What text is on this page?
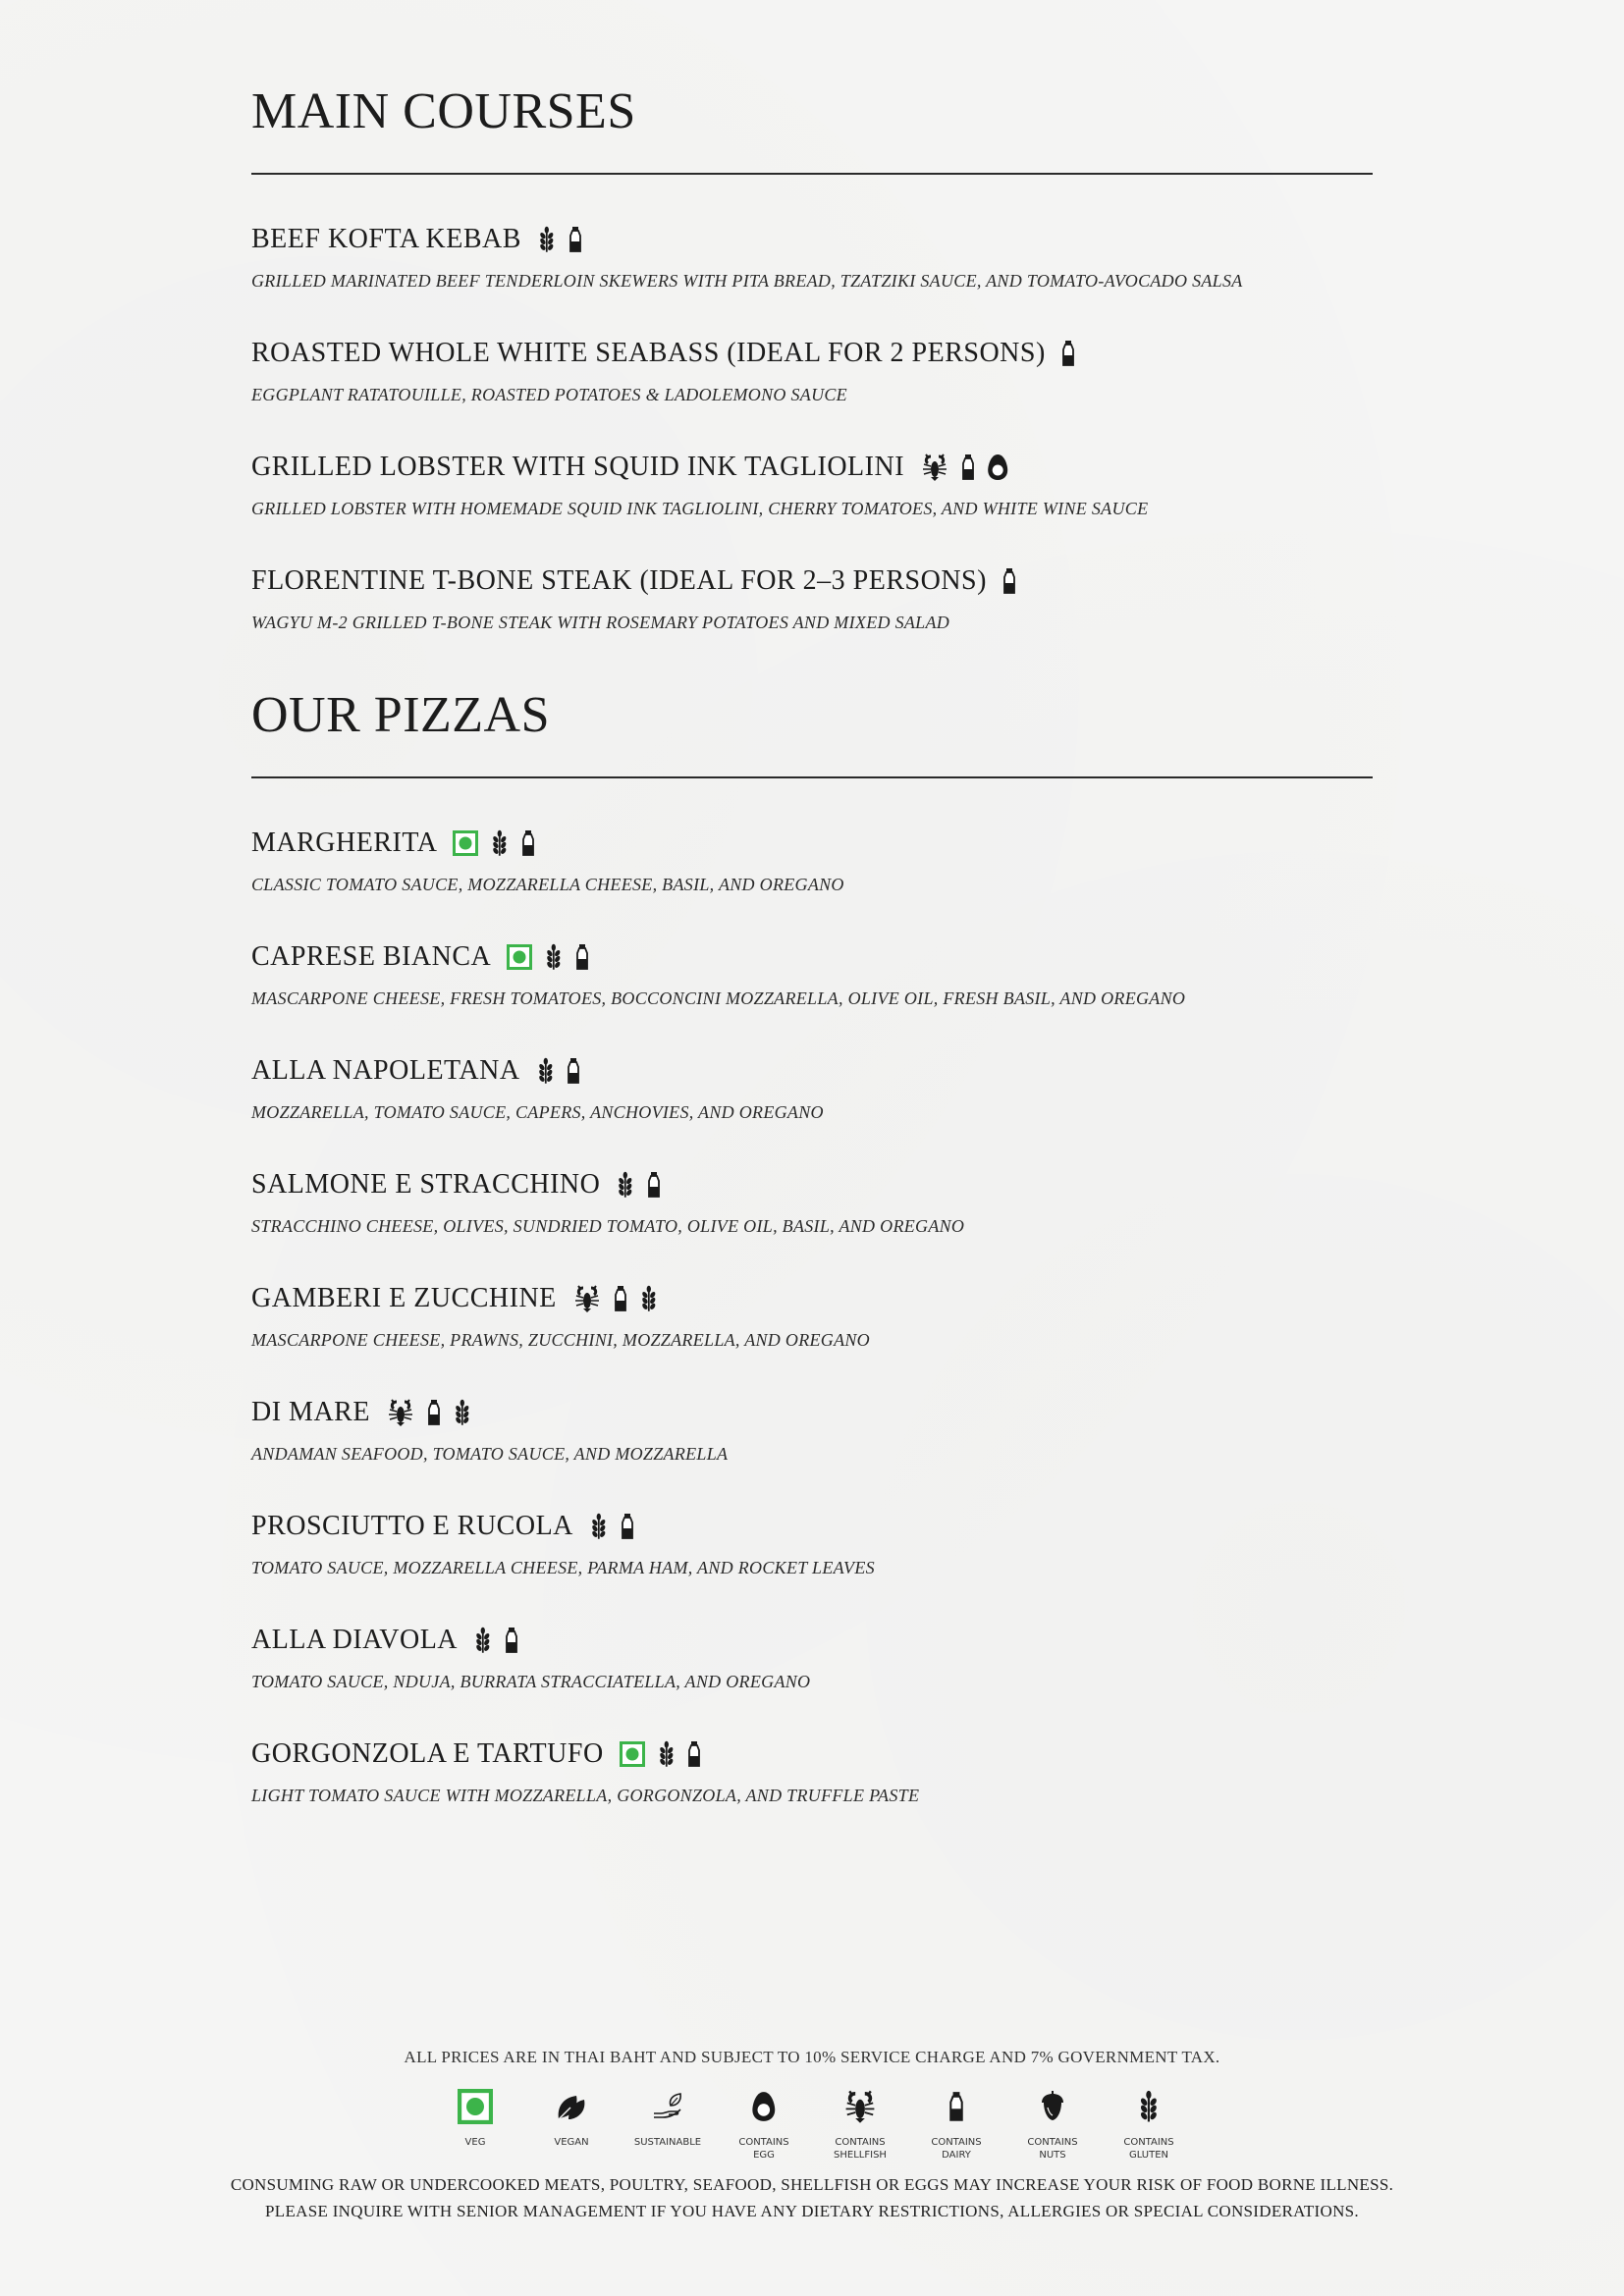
MAIN COURSES
BEEF KOFTA KEBAB
GRILLED MARINATED BEEF TENDERLOIN SKEWERS WITH PITA BREAD, TZATZIKI SAUCE, AND TOMATO-AVOCADO SALSA
ROASTED WHOLE WHITE SEABASS (IDEAL FOR 2 PERSONS)
EGGPLANT RATATOUILLE, ROASTED POTATOES & LADOLEMONO SAUCE
GRILLED LOBSTER WITH SQUID INK TAGLIOLINI
GRILLED LOBSTER WITH HOMEMADE SQUID INK TAGLIOLINI, CHERRY TOMATOES, AND WHITE WINE SAUCE
FLORENTINE T-BONE STEAK (IDEAL FOR 2–3 PERSONS)
WAGYU M-2 GRILLED T-BONE STEAK WITH ROSEMARY POTATOES AND MIXED SALAD
OUR PIZZAS
MARGHERITA
CLASSIC TOMATO SAUCE, MOZZARELLA CHEESE, BASIL, AND OREGANO
CAPRESE BIANCA
MASCARPONE CHEESE, FRESH TOMATOES, BOCCONCINI MOZZARELLA, OLIVE OIL, FRESH BASIL, AND OREGANO
ALLA NAPOLETANA
MOZZARELLA, TOMATO SAUCE, CAPERS, ANCHOVIES, AND OREGANO
SALMONE E STRACCHINO
STRACCHINO CHEESE, OLIVES, SUNDRIED TOMATO, OLIVE OIL, BASIL, AND OREGANO
GAMBERI E ZUCCHINE
MASCARPONE CHEESE, PRAWNS, ZUCCHINI, MOZZARELLA, AND OREGANO
DI MARE
ANDAMAN SEAFOOD, TOMATO SAUCE, AND MOZZARELLA
PROSCIUTTO E RUCOLA
TOMATO SAUCE, MOZZARELLA CHEESE, PARMA HAM, AND ROCKET LEAVES
ALLA DIAVOLA
TOMATO SAUCE, NDUJA, BURRATA STRACCIATELLA, AND OREGANO
GORGONZOLA E TARTUFO
LIGHT TOMATO SAUCE WITH MOZZARELLA, GORGONZOLA, AND TRUFFLE PASTE
ALL PRICES ARE IN THAI BAHT AND SUBJECT TO 10% SERVICE CHARGE AND 7% GOVERNMENT TAX.
VEG	VEGAN	SUSTAINABLE	CONTAINS
EGG
CONTAINS
SHELLFISH
CONTAINS
DAIRY
CONTAINS
NUTS
CONTAINS
GLUTEN
CONSUMING RAW OR UNDERCOOKED MEATS, POULTRY, SEAFOOD, SHELLFISH OR EGGS MAY INCREASE YOUR RISK OF FOOD BORNE ILLNESS.
PLEASE INQUIRE WITH SENIOR MANAGEMENT IF YOU HAVE ANY DIETARY RESTRICTIONS, ALLERGIES OR SPECIAL CONSIDERATIONS.
